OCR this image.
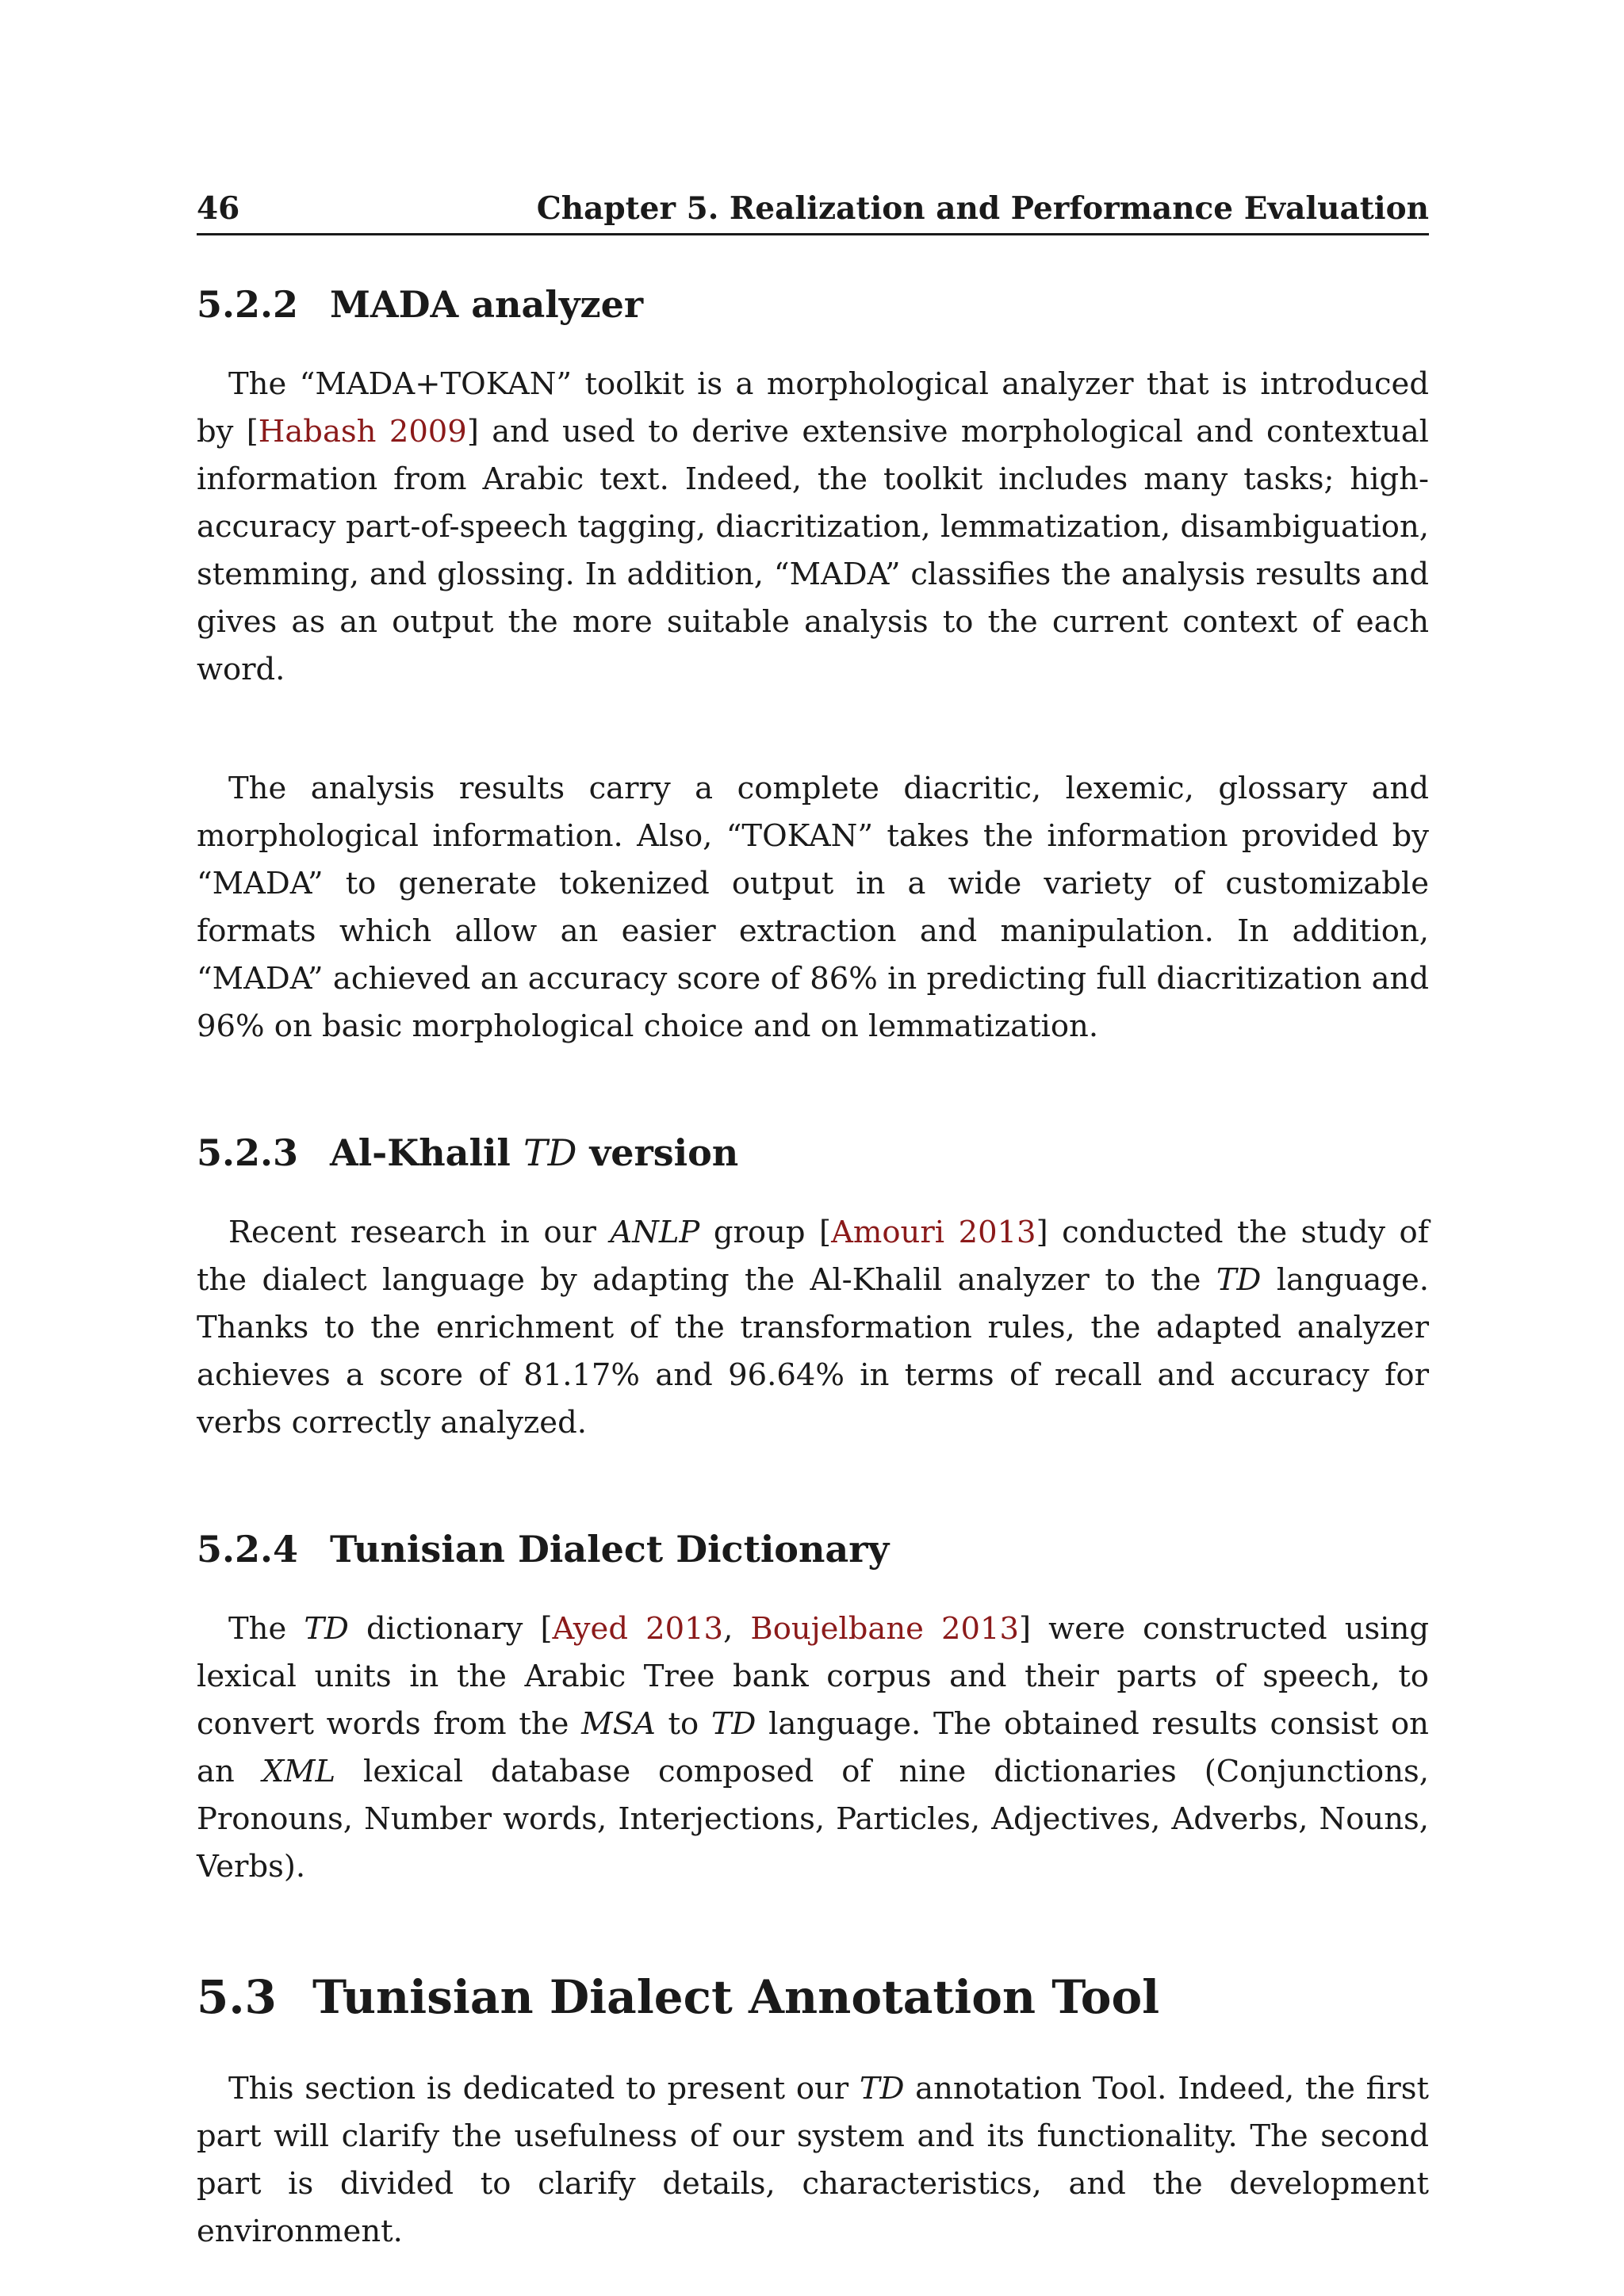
46	Chapter 5. Realization and Performance Evaluation
5.2.2 MADA analyzer

The “MADA+TOKAN” toolkit is a morphological analyzer that is introduced by [Habash 2009] and used to derive extensive morphological and contextual information from Arabic text. Indeed, the toolkit includes many tasks; high-accuracy part-of-speech tagging, diacritization, lemmatization, disambiguation, stemming, and glossing. In addition, “MADA” classifies the analysis results and gives as an output the more suitable analysis to the current context of each word.

The analysis results carry a complete diacritic, lexemic, glossary and morphological information. Also, “TOKAN” takes the information provided by “MADA” to generate tokenized output in a wide variety of customizable formats which allow an easier extraction and manipulation. In addition, “MADA” achieved an accuracy score of 86% in predicting full diacritization and 96% on basic morphological choice and on lemmatization.

5.2.3 Al-Khalil TD version

Recent research in our ANLP group [Amouri 2013] conducted the study of the dialect language by adapting the Al-Khalil analyzer to the TD language. Thanks to the enrichment of the transformation rules, the adapted analyzer achieves a score of 81.17% and 96.64% in terms of recall and accuracy for verbs correctly analyzed.

5.2.4 Tunisian Dialect Dictionary

The TD dictionary [Ayed 2013, Boujelbane 2013] were constructed using lexical units in the Arabic Tree bank corpus and their parts of speech, to convert words from the MSA to TD language. The obtained results consist on an XML lexical database composed of nine dictionaries (Conjunctions, Pronouns, Number words, Interjections, Particles, Adjectives, Adverbs, Nouns, Verbs).

5.3 Tunisian Dialect Annotation Tool

This section is dedicated to present our TD annotation Tool. Indeed, the first part will clarify the usefulness of our system and its functionality. The second part is divided to clarify details, characteristics, and the development environment.
